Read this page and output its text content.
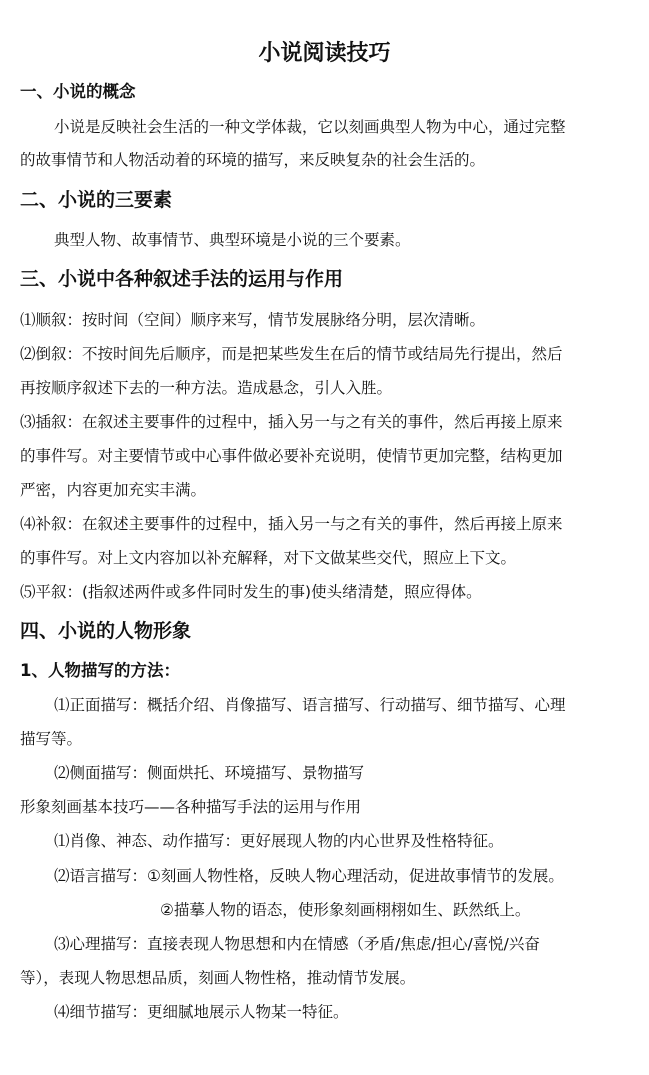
小说阅读技巧
一、小说的概念
小说是反映社会生活的一种文学体裁，它以刻画典型人物为中心，通过完整
的故事情节和人物活动着的环境的描写，来反映复杂的社会生活的。
二、小说的三要素
典型人物、故事情节、典型环境是小说的三个要素。
三、小说中各种叙述手法的运用与作用
⑴顺叙：按时间（空间）顺序来写，情节发展脉络分明，层次清晰。
⑵倒叙：不按时间先后顺序，而是把某些发生在后的情节或结局先行提出，然后
再按顺序叙述下去的一种方法。造成悬念，引人入胜。
⑶插叙：在叙述主要事件的过程中，插入另一与之有关的事件，然后再接上原来
的事件写。对主要情节或中心事件做必要补充说明，使情节更加完整，结构更加
严密，内容更加充实丰满。
⑷补叙：在叙述主要事件的过程中，插入另一与之有关的事件，然后再接上原来
的事件写。对上文内容加以补充解释，对下文做某些交代，照应上下文。
⑸平叙：(指叙述两件或多件同时发生的事)使头绪清楚，照应得体。
四、小说的人物形象
1、人物描写的方法：
⑴正面描写：概括介绍、肖像描写、语言描写、行动描写、细节描写、心理
描写等。
⑵侧面描写：侧面烘托、环境描写、景物描写
形象刻画基本技巧——各种描写手法的运用与作用
⑴肖像、神态、动作描写：更好展现人物的内心世界及性格特征。
⑵语言描写：①刻画人物性格，反映人物心理活动，促进故事情节的发展。
②描摹人物的语态，使形象刻画栩栩如生、跃然纸上。
⑶心理描写：直接表现人物思想和内在情感（矛盾/焦虑/担心/喜悦/兴奋
等），表现人物思想品质，刻画人物性格，推动情节发展。
⑷细节描写：更细腻地展示人物某一特征。
